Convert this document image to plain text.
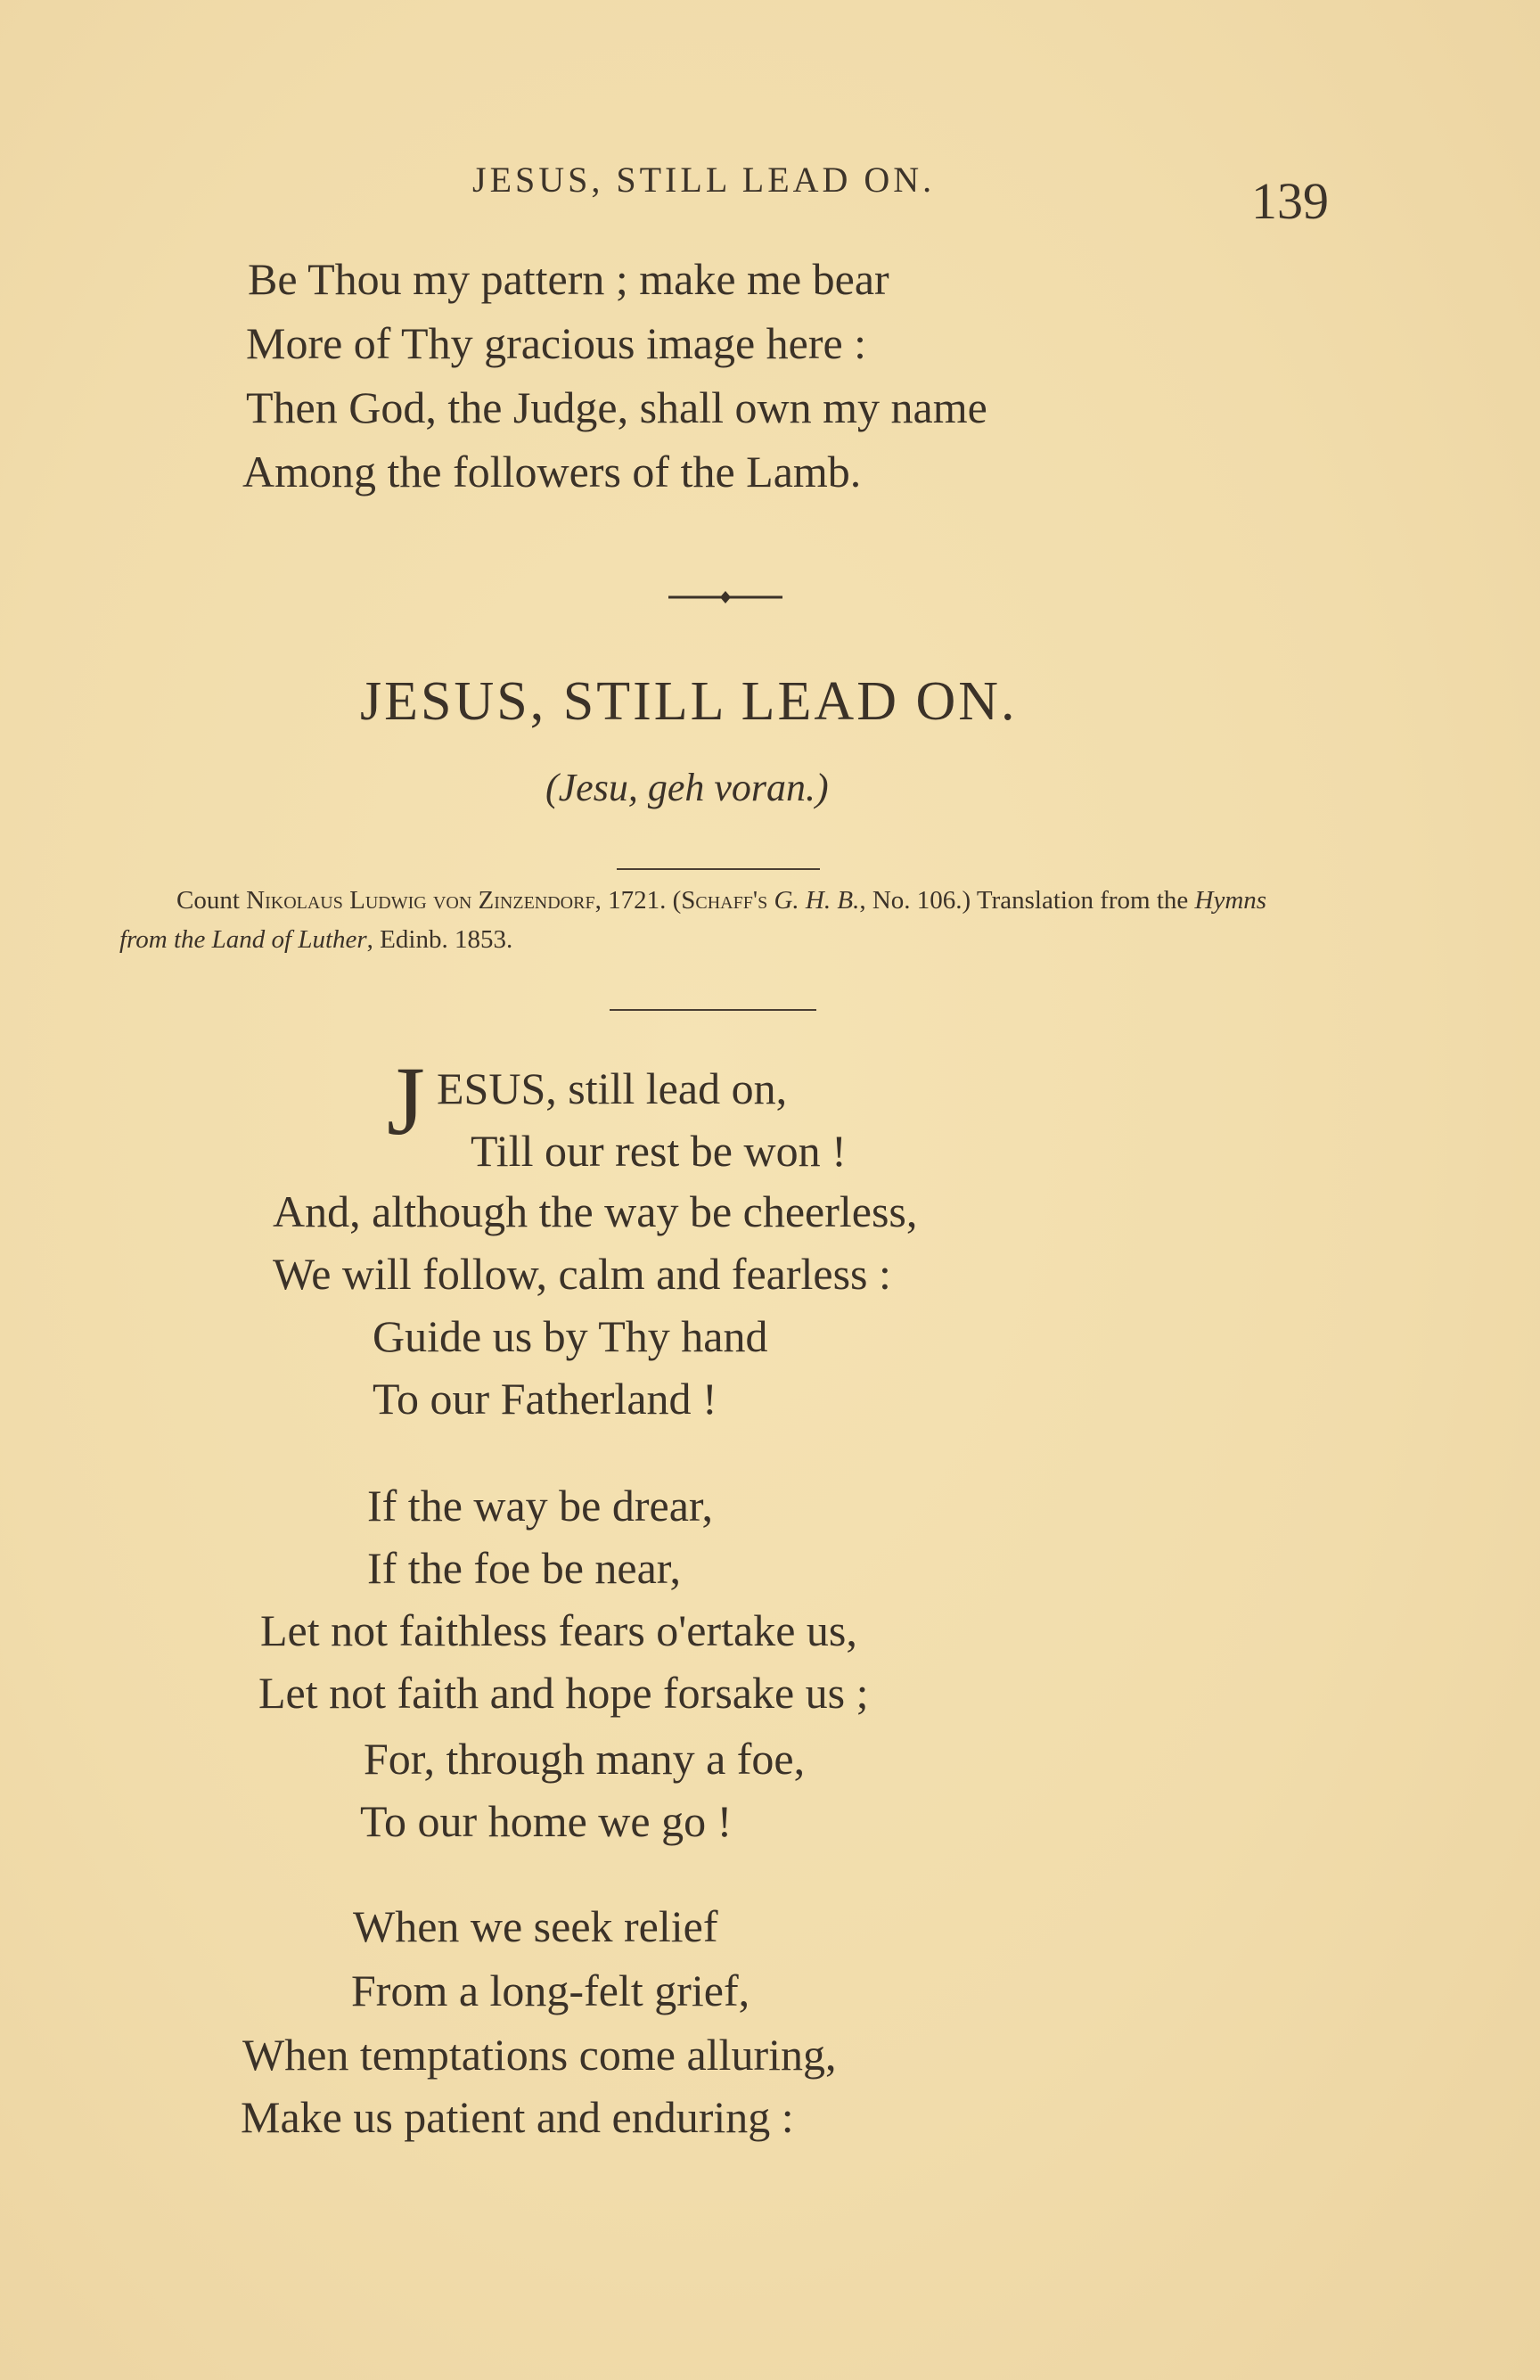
JESUS, STILL LEAD ON.	139
Be Thou my pattern ; make me bear
More of Thy gracious image here :
Then God, the Judge, shall own my name
Among the followers of the Lamb.
JESUS, STILL LEAD ON.
(Jesu, geh voran.)
Count Nikolaus Ludwig von Zinzendorf, 1721. (Schaff's G. H. B., No. 106.) Translation from the Hymns from the Land of Luther, Edinb. 1853.
J ESUS, still lead on,
Till our rest be won !
And, although the way be cheerless,
We will follow, calm and fearless :
Guide us by Thy hand
To our Fatherland !
If the way be drear,
If the foe be near,
Let not faithless fears o'ertake us,
Let not faith and hope forsake us ;
For, through many a foe,
To our home we go !
When we seek relief
From a long-felt grief,
When temptations come alluring,
Make us patient and enduring :
